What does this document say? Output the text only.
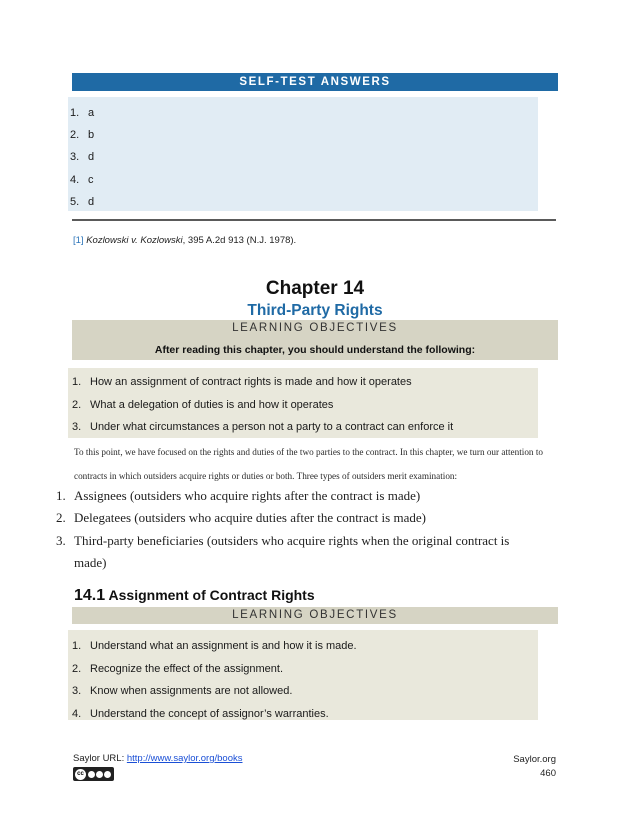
SELF-TEST ANSWERS
1. a
2. b
3. d
4. c
5. d
[1] Kozlowski v. Kozlowski, 395 A.2d 913 (N.J. 1978).
Chapter 14
Third-Party Rights
LEARNING OBJECTIVES
After reading this chapter, you should understand the following:
1. How an assignment of contract rights is made and how it operates
2. What a delegation of duties is and how it operates
3. Under what circumstances a person not a party to a contract can enforce it
To this point, we have focused on the rights and duties of the two parties to the contract. In this chapter, we turn our attention to contracts in which outsiders acquire rights or duties or both. Three types of outsiders merit examination:
1. Assignees (outsiders who acquire rights after the contract is made)
2. Delegatees (outsiders who acquire duties after the contract is made)
3. Third-party beneficiaries (outsiders who acquire rights when the original contract is made)
14.1 Assignment of Contract Rights
LEARNING OBJECTIVES
1. Understand what an assignment is and how it is made.
2. Recognize the effect of the assignment.
3. Know when assignments are not allowed.
4. Understand the concept of assignor’s warranties.
Saylor URL: http://www.saylor.org/books
cc
Saylor.org
460
